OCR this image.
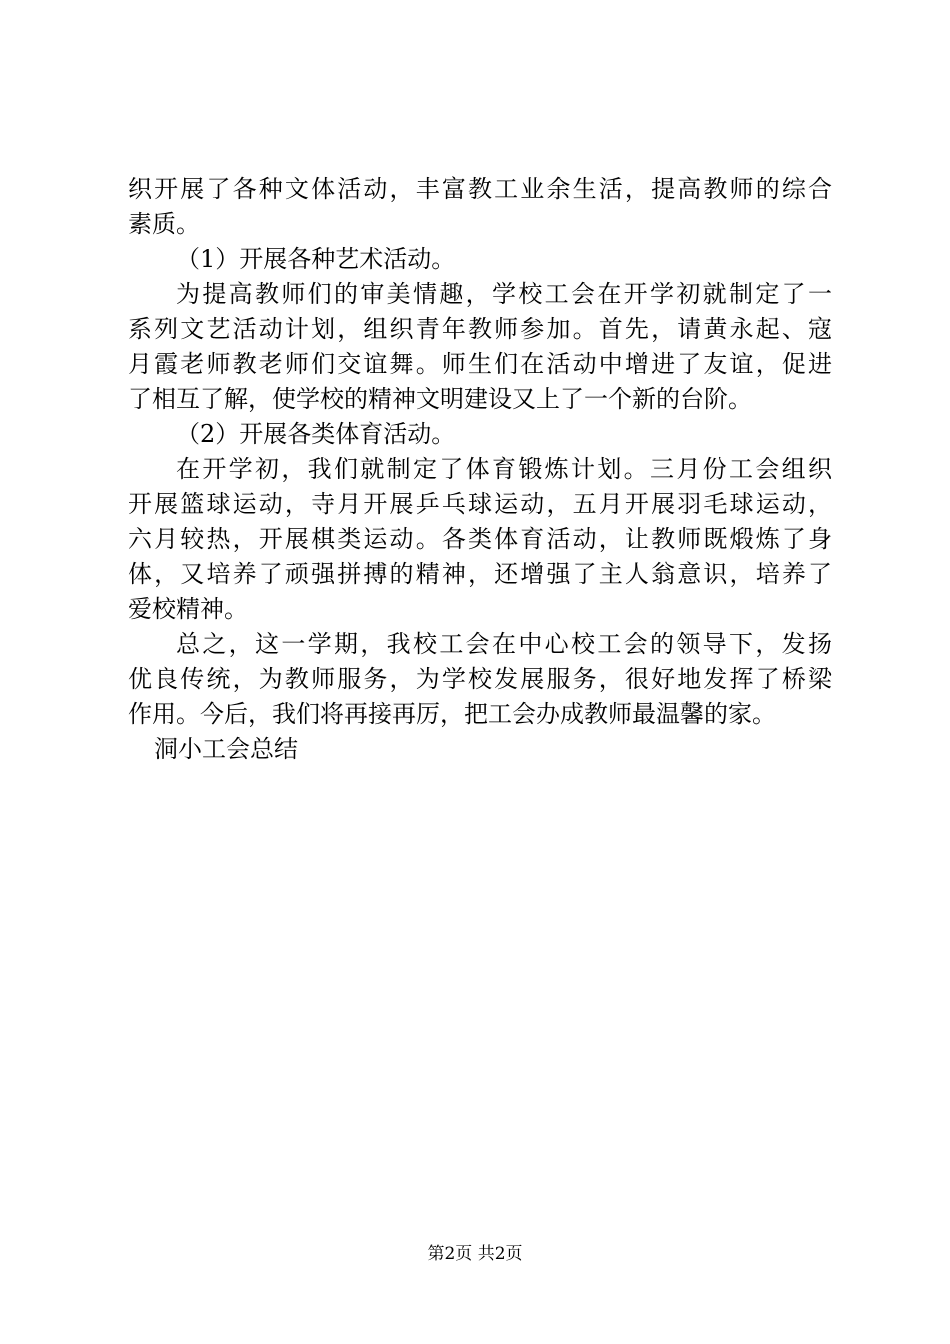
织开展了各种文体活动，丰富教工业余生活，提高教师的综合
素质。
（1）开展各种艺术活动。
为提高教师们的审美情趣，学校工会在开学初就制定了一
系列文艺活动计划，组织青年教师参加。首先，请黄永起、寇
月霞老师教老师们交谊舞。师生们在活动中增进了友谊，促进
了相互了解，使学校的精神文明建设又上了一个新的台阶。
（2）开展各类体育活动。
在开学初，我们就制定了体育锻炼计划。三月份工会组织
开展篮球运动，寺月开展乒乓球运动，五月开展羽毛球运动，
六月较热，开展棋类运动。各类体育活动，让教师既煅炼了身
体，又培养了顽强拼搏的精神，还增强了主人翁意识，培养了
爱校精神。
总之，这一学期，我校工会在中心校工会的领导下，发扬
优良传统，为教师服务，为学校发展服务，很好地发挥了桥梁
作用。今后，我们将再接再厉，把工会办成教师最温馨的家。
洞小工会总结
第2页 共2页
